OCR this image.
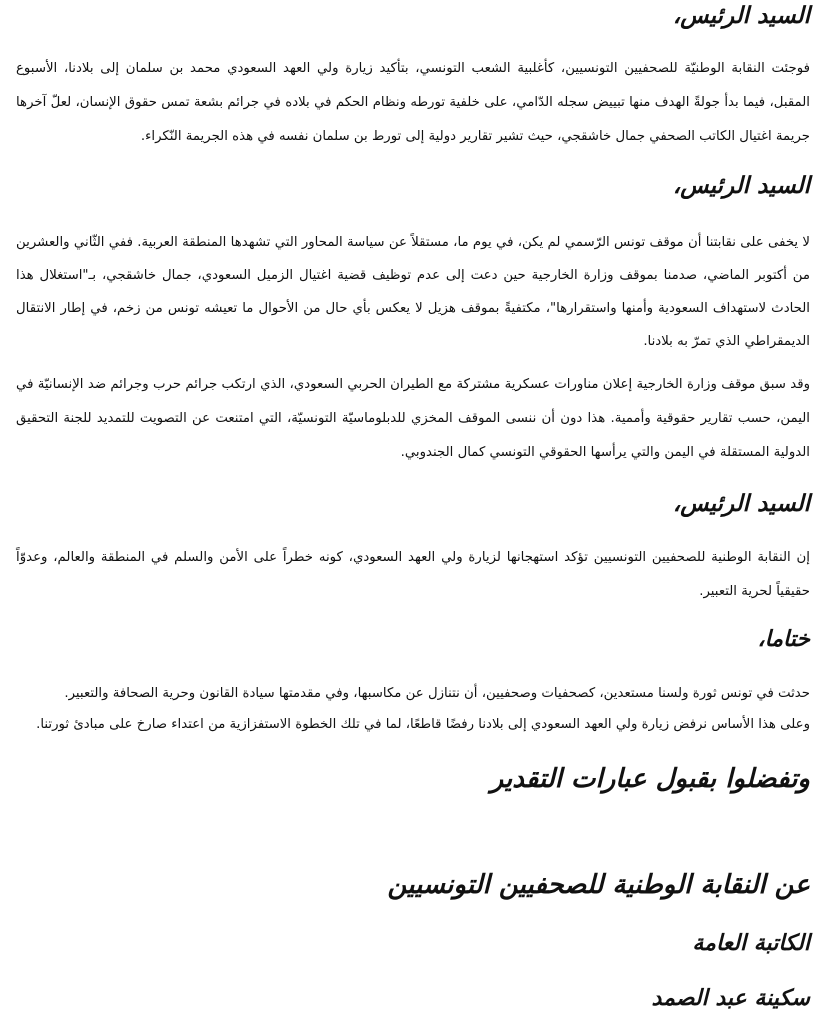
السيد الرئيس،

فوجئت النقابة الوطنيّة للصحفيين التونسيين، كأغلبية الشعب التونسي، بتأكيد زيارة ولي العهد السعودي محمد بن سلمان إلى بلادنا، الأسبوع المقبل، فيما بدأ جولةً الهدف منها تبييض سجله الدّامي، على خلفية تورطه ونظام الحكم في بلاده في جرائم بشعة تمس حقوق الإنسان، لعلّ آخرها جريمة اغتيال الكاتب الصحفي جمال خاشقجي، حيث تشير تقارير دولية إلى تورط بن سلمان نفسه في هذه الجريمة النّكراء.

السيد الرئيس،

لا يخفى على نقابتنا أن موقف تونس الرّسمي لم يكن، في يوم ما، مستقلاً عن سياسة المحاور التي تشهدها المنطقة العربية. ففي الثّاني والعشرين من أكتوبر الماضي، صدمنا بموقف وزارة الخارجية حين دعت إلى عدم توظيف قضية اغتيال الزميل السعودي، جمال خاشقجي، بـ"استغلال هذا الحادث لاستهداف السعودية وأمنها واستقرارها"، مكتفيةً بموقف هزيل لا يعكس بأي حال من الأحوال ما تعيشه تونس من زخم، في إطار الانتقال الديمقراطي الذي تمرّ به بلادنا.

وقد سبق موقف وزارة الخارجية إعلان مناورات عسكرية مشتركة مع الطيران الحربي السعودي، الذي ارتكب جرائم حرب وجرائم ضد الإنسانيّة في اليمن، حسب تقارير حقوقية وأممية. هذا دون أن ننسى الموقف المخزي للدبلوماسيّة التونسيّة، التي امتنعت عن التصويت للتمديد للجنة التحقيق الدولية المستقلة في اليمن والتي يرأسها الحقوقي التونسي كمال الجندوبي.

السيد الرئيس،

إن النقابة الوطنية للصحفيين التونسيين تؤكد استهجانها لزيارة ولي العهد السعودي، كونه خطراً على الأمن والسلم في المنطقة والعالم، وعدوّاً حقيقياً لحرية التعبير.

ختاما،

حدثت في تونس ثورة ولسنا مستعدين، كصحفيات وصحفيين، أن نتنازل عن مكاسبها، وفي مقدمتها سيادة القانون وحرية الصحافة والتعبير.

وعلى هذا الأساس نرفض زيارة ولي العهد السعودي إلى بلادنا رفضًا قاطعًا، لما في تلك الخطوة الاستفزازية من اعتداء صارخ على مبادئ ثورتنا.

وتفضلوا بقبول عبارات التقدير
عن النقابة الوطنية للصحفيين التونسيين
الكاتبة العامة
سكينة عبد الصمد
